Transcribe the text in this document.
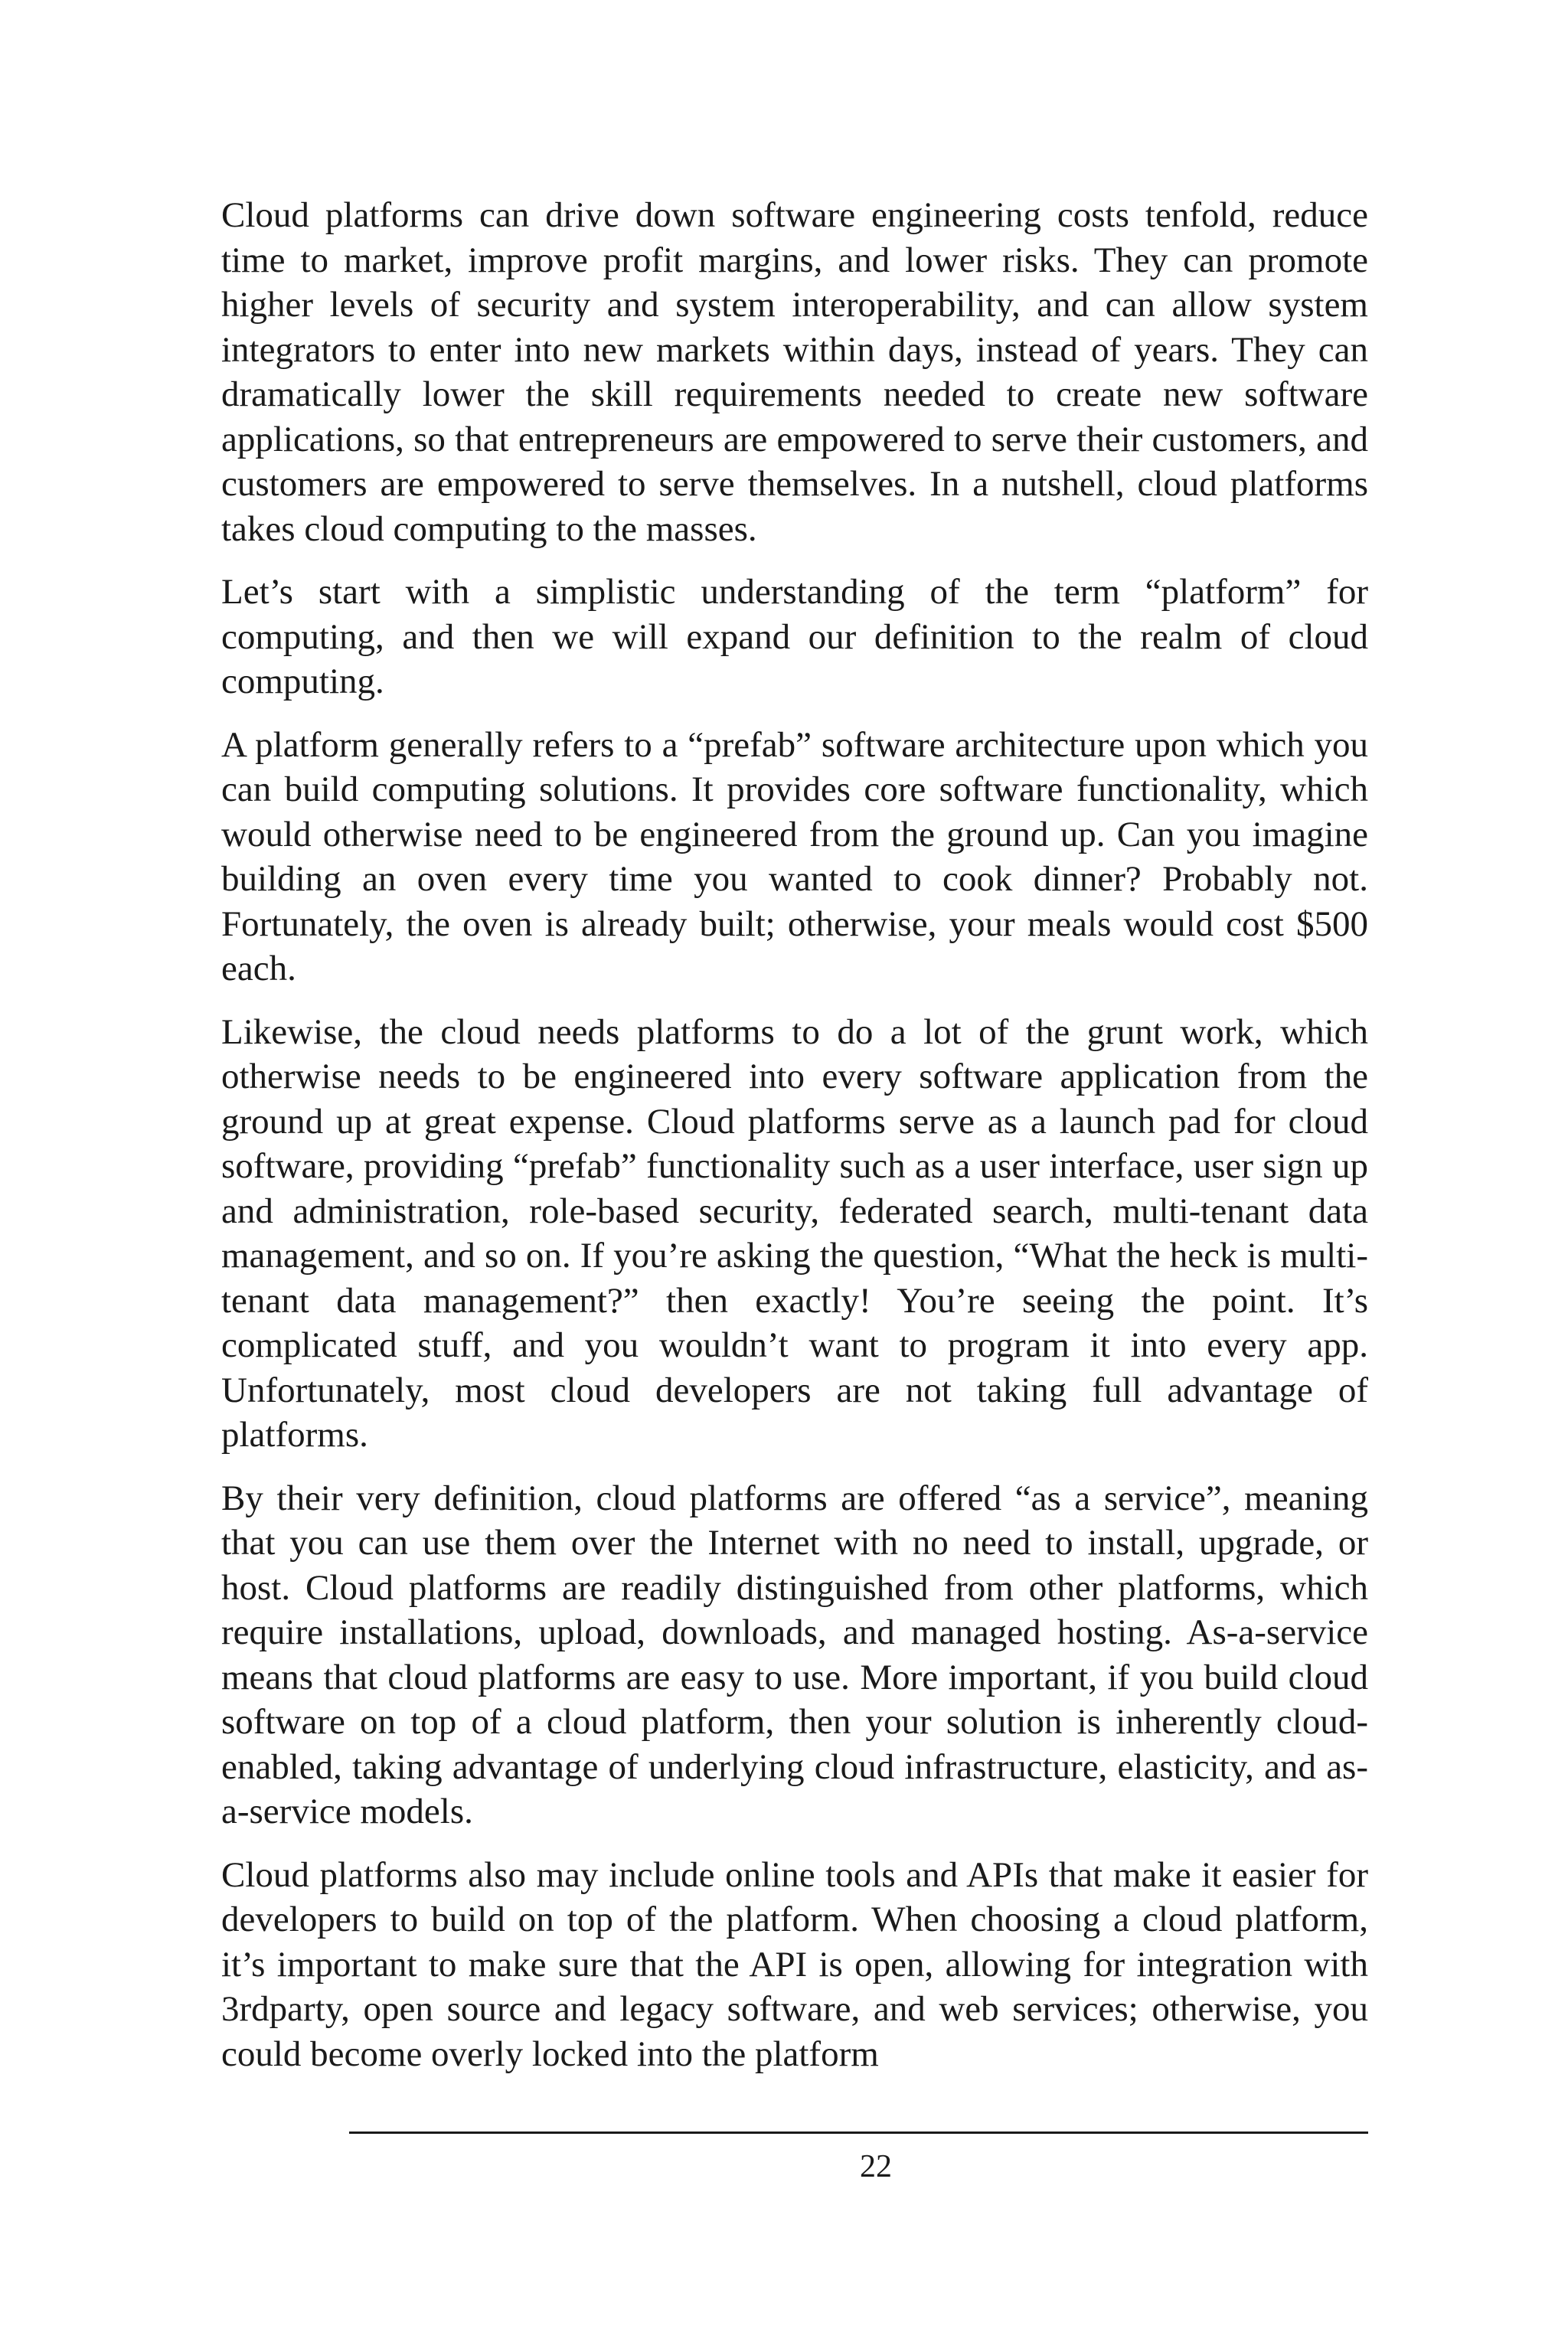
Cloud platforms can drive down software engineering costs tenfold, reduce time to market, improve profit margins, and lower risks. They can promote higher levels of security and system interoperability, and can allow system integrators to enter into new markets within days, instead of years. They can dramatically lower the skill requirements needed to create new software applications, so that entrepreneurs are empowered to serve their customers, and customers are empowered to serve themselves. In a nutshell, cloud platforms takes cloud computing to the masses.

Let’s start with a simplistic understanding of the term “platform” for computing, and then we will expand our definition to the realm of cloud computing.

A platform generally refers to a “prefab” software architecture upon which you can build computing solutions. It provides core software functionality, which would otherwise need to be engineered from the ground up. Can you imagine building an oven every time you wanted to cook dinner? Probably not. Fortunately, the oven is already built; otherwise, your meals would cost $500 each.

Likewise, the cloud needs platforms to do a lot of the grunt work, which otherwise needs to be engineered into every software application from the ground up at great expense. Cloud platforms serve as a launch pad for cloud software, providing “prefab” functionality such as a user interface, user sign up and administration, role-based security, federated search, multi-tenant data management, and so on. If you’re asking the question, “What the heck is multi-tenant data management?” then exactly! You’re seeing the point. It’s complicated stuff, and you wouldn’t want to program it into every app. Unfortunately, most cloud developers are not taking full advantage of platforms.

By their very definition, cloud platforms are offered “as a service”, meaning that you can use them over the Internet with no need to install, upgrade, or host. Cloud platforms are readily distinguished from other platforms, which require installations, upload, downloads, and managed hosting. As-a-service means that cloud platforms are easy to use. More important, if you build cloud software on top of a cloud platform, then your solution is inherently cloud-enabled, taking advantage of underlying cloud infrastructure, elasticity, and as-a-service models.

Cloud platforms also may include online tools and APIs that make it easier for developers to build on top of the platform. When choosing a cloud platform, it’s important to make sure that the API is open, allowing for integration with 3rdparty, open source and legacy software, and web services; otherwise, you could become overly locked into the platform

22
